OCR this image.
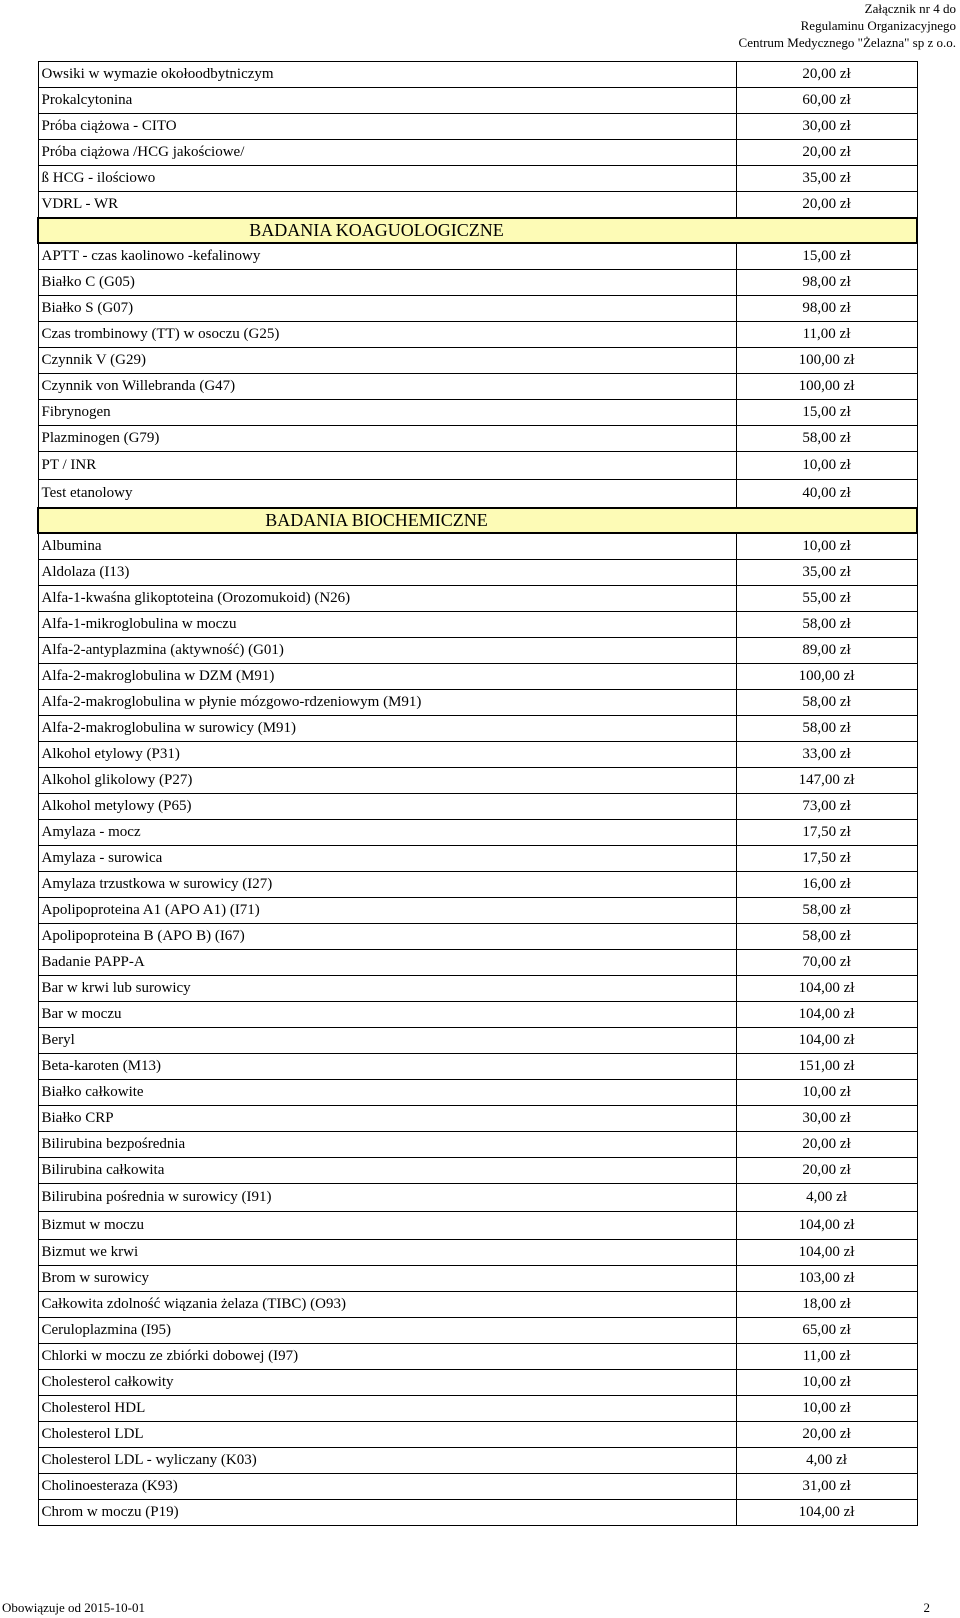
Załącznik nr 4 do
Regulaminu Organizacyjnego
Centrum Medycznego "Żelazna" sp z o.o.
Owsiki w wymazie okołoodbytniczym	20,00 zł
Prokalcytonina	60,00 zł
Próba ciążowa - CITO	30,00 zł
Próba ciążowa /HCG jakościowe/	20,00 zł
ß HCG - ilościowo	35,00 zł
VDRL - WR	20,00 zł
BADANIA KOAGUOLOGICZNE	
APTT - czas kaolinowo -kefalinowy	15,00 zł
Białko C (G05)	98,00 zł
Białko S (G07)	98,00 zł
Czas trombinowy (TT) w osoczu (G25)	11,00 zł
Czynnik V (G29)	100,00 zł
Czynnik von Willebranda (G47)	100,00 zł
Fibrynogen	15,00 zł
Plazminogen (G79)	58,00 zł
PT / INR	10,00 zł
Test etanolowy	40,00 zł
BADANIA BIOCHEMICZNE	
Albumina	10,00 zł
Aldolaza (I13)	35,00 zł
Alfa-1-kwaśna glikoptoteina (Orozomukoid) (N26)	55,00 zł
Alfa-1-mikroglobulina w moczu	58,00 zł
Alfa-2-antyplazmina (aktywność) (G01)	89,00 zł
Alfa-2-makroglobulina w DZM (M91)	100,00 zł
Alfa-2-makroglobulina w płynie mózgowo-rdzeniowym (M91)	58,00 zł
Alfa-2-makroglobulina w surowicy (M91)	58,00 zł
Alkohol etylowy (P31)	33,00 zł
Alkohol glikolowy (P27)	147,00 zł
Alkohol metylowy (P65)	73,00 zł
Amylaza - mocz	17,50 zł
Amylaza - surowica	17,50 zł
Amylaza trzustkowa w surowicy (I27)	16,00 zł
Apolipoproteina A1 (APO A1) (I71)	58,00 zł
Apolipoproteina B (APO B) (I67)	58,00 zł
Badanie PAPP-A	70,00 zł
Bar w krwi lub surowicy	104,00 zł
Bar w moczu	104,00 zł
Beryl	104,00 zł
Beta-karoten (M13)	151,00 zł
Białko całkowite	10,00 zł
Białko CRP	30,00 zł
Bilirubina bezpośrednia	20,00 zł
Bilirubina całkowita	20,00 zł
Bilirubina pośrednia w surowicy (I91)	4,00 zł
Bizmut w moczu	104,00 zł
Bizmut we krwi	104,00 zł
Brom w surowicy	103,00 zł
Całkowita zdolność wiązania żelaza (TIBC) (O93)	18,00 zł
Ceruloplazmina (I95)	65,00 zł
Chlorki w moczu ze zbiórki dobowej (I97)	11,00 zł
Cholesterol całkowity	10,00 zł
Cholesterol HDL	10,00 zł
Cholesterol LDL	20,00 zł
Cholesterol LDL - wyliczany (K03)	4,00 zł
Cholinoesteraza (K93)	31,00 zł
Chrom w moczu (P19)	104,00 zł
Obowiązuje od 2015-10-01	2
